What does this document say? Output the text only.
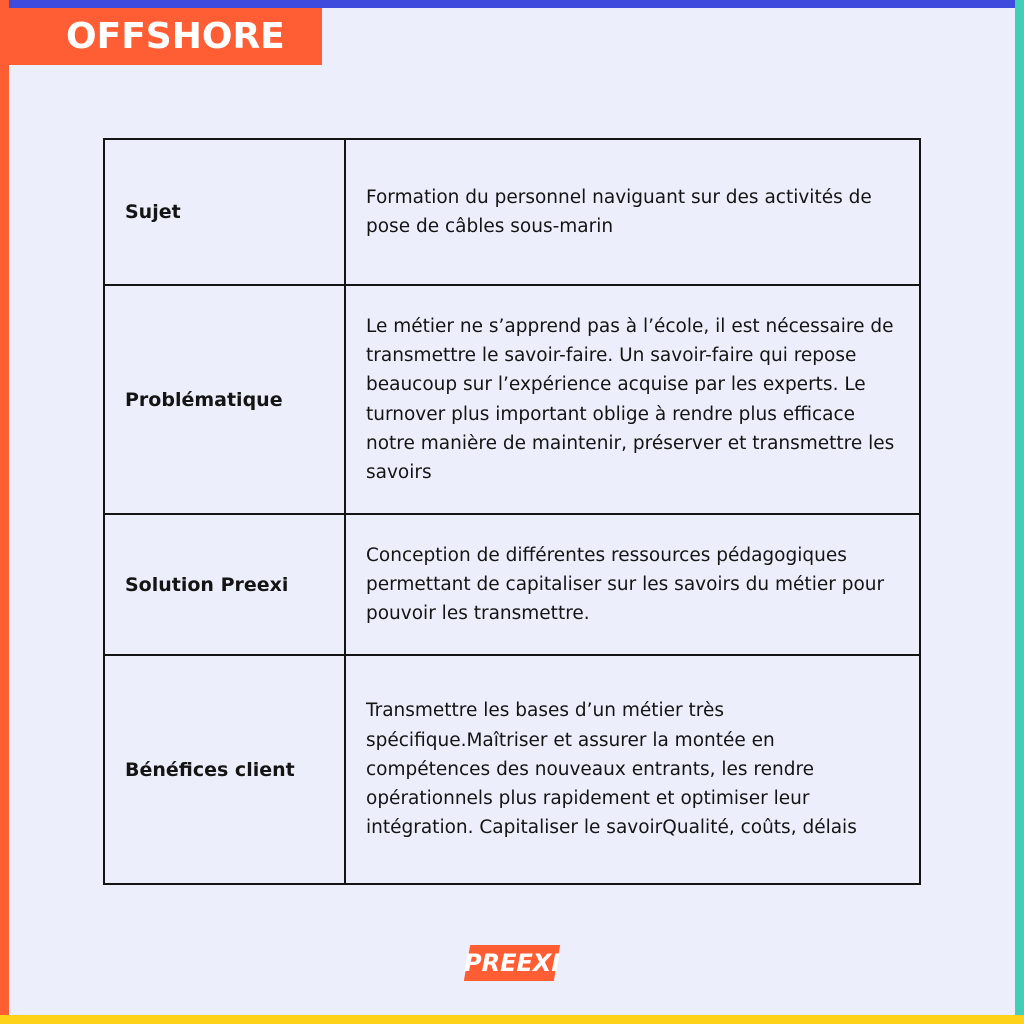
OFFSHORE
Sujet	Formation du personnel naviguant sur des activités de pose de câbles sous-marin
Problématique	Le métier ne s’apprend pas à l’école, il est nécessaire de transmettre le savoir-faire. Un savoir-faire qui repose beaucoup sur l’expérience acquise par les experts. Le turnover plus important oblige à rendre plus efficace notre manière de maintenir, préserver et transmettre les savoirs
Solution Preexi	Conception de différentes ressources pédagogiques permettant de capitaliser sur les savoirs du métier pour pouvoir les transmettre.
Bénéfices client	Transmettre les bases d’un métier très spécifique.Maîtriser et assurer la montée en compétences des nouveaux entrants, les rendre opérationnels plus rapidement et optimiser leur intégration. Capitaliser le savoirQualité, coûts, délais
PREEXI
